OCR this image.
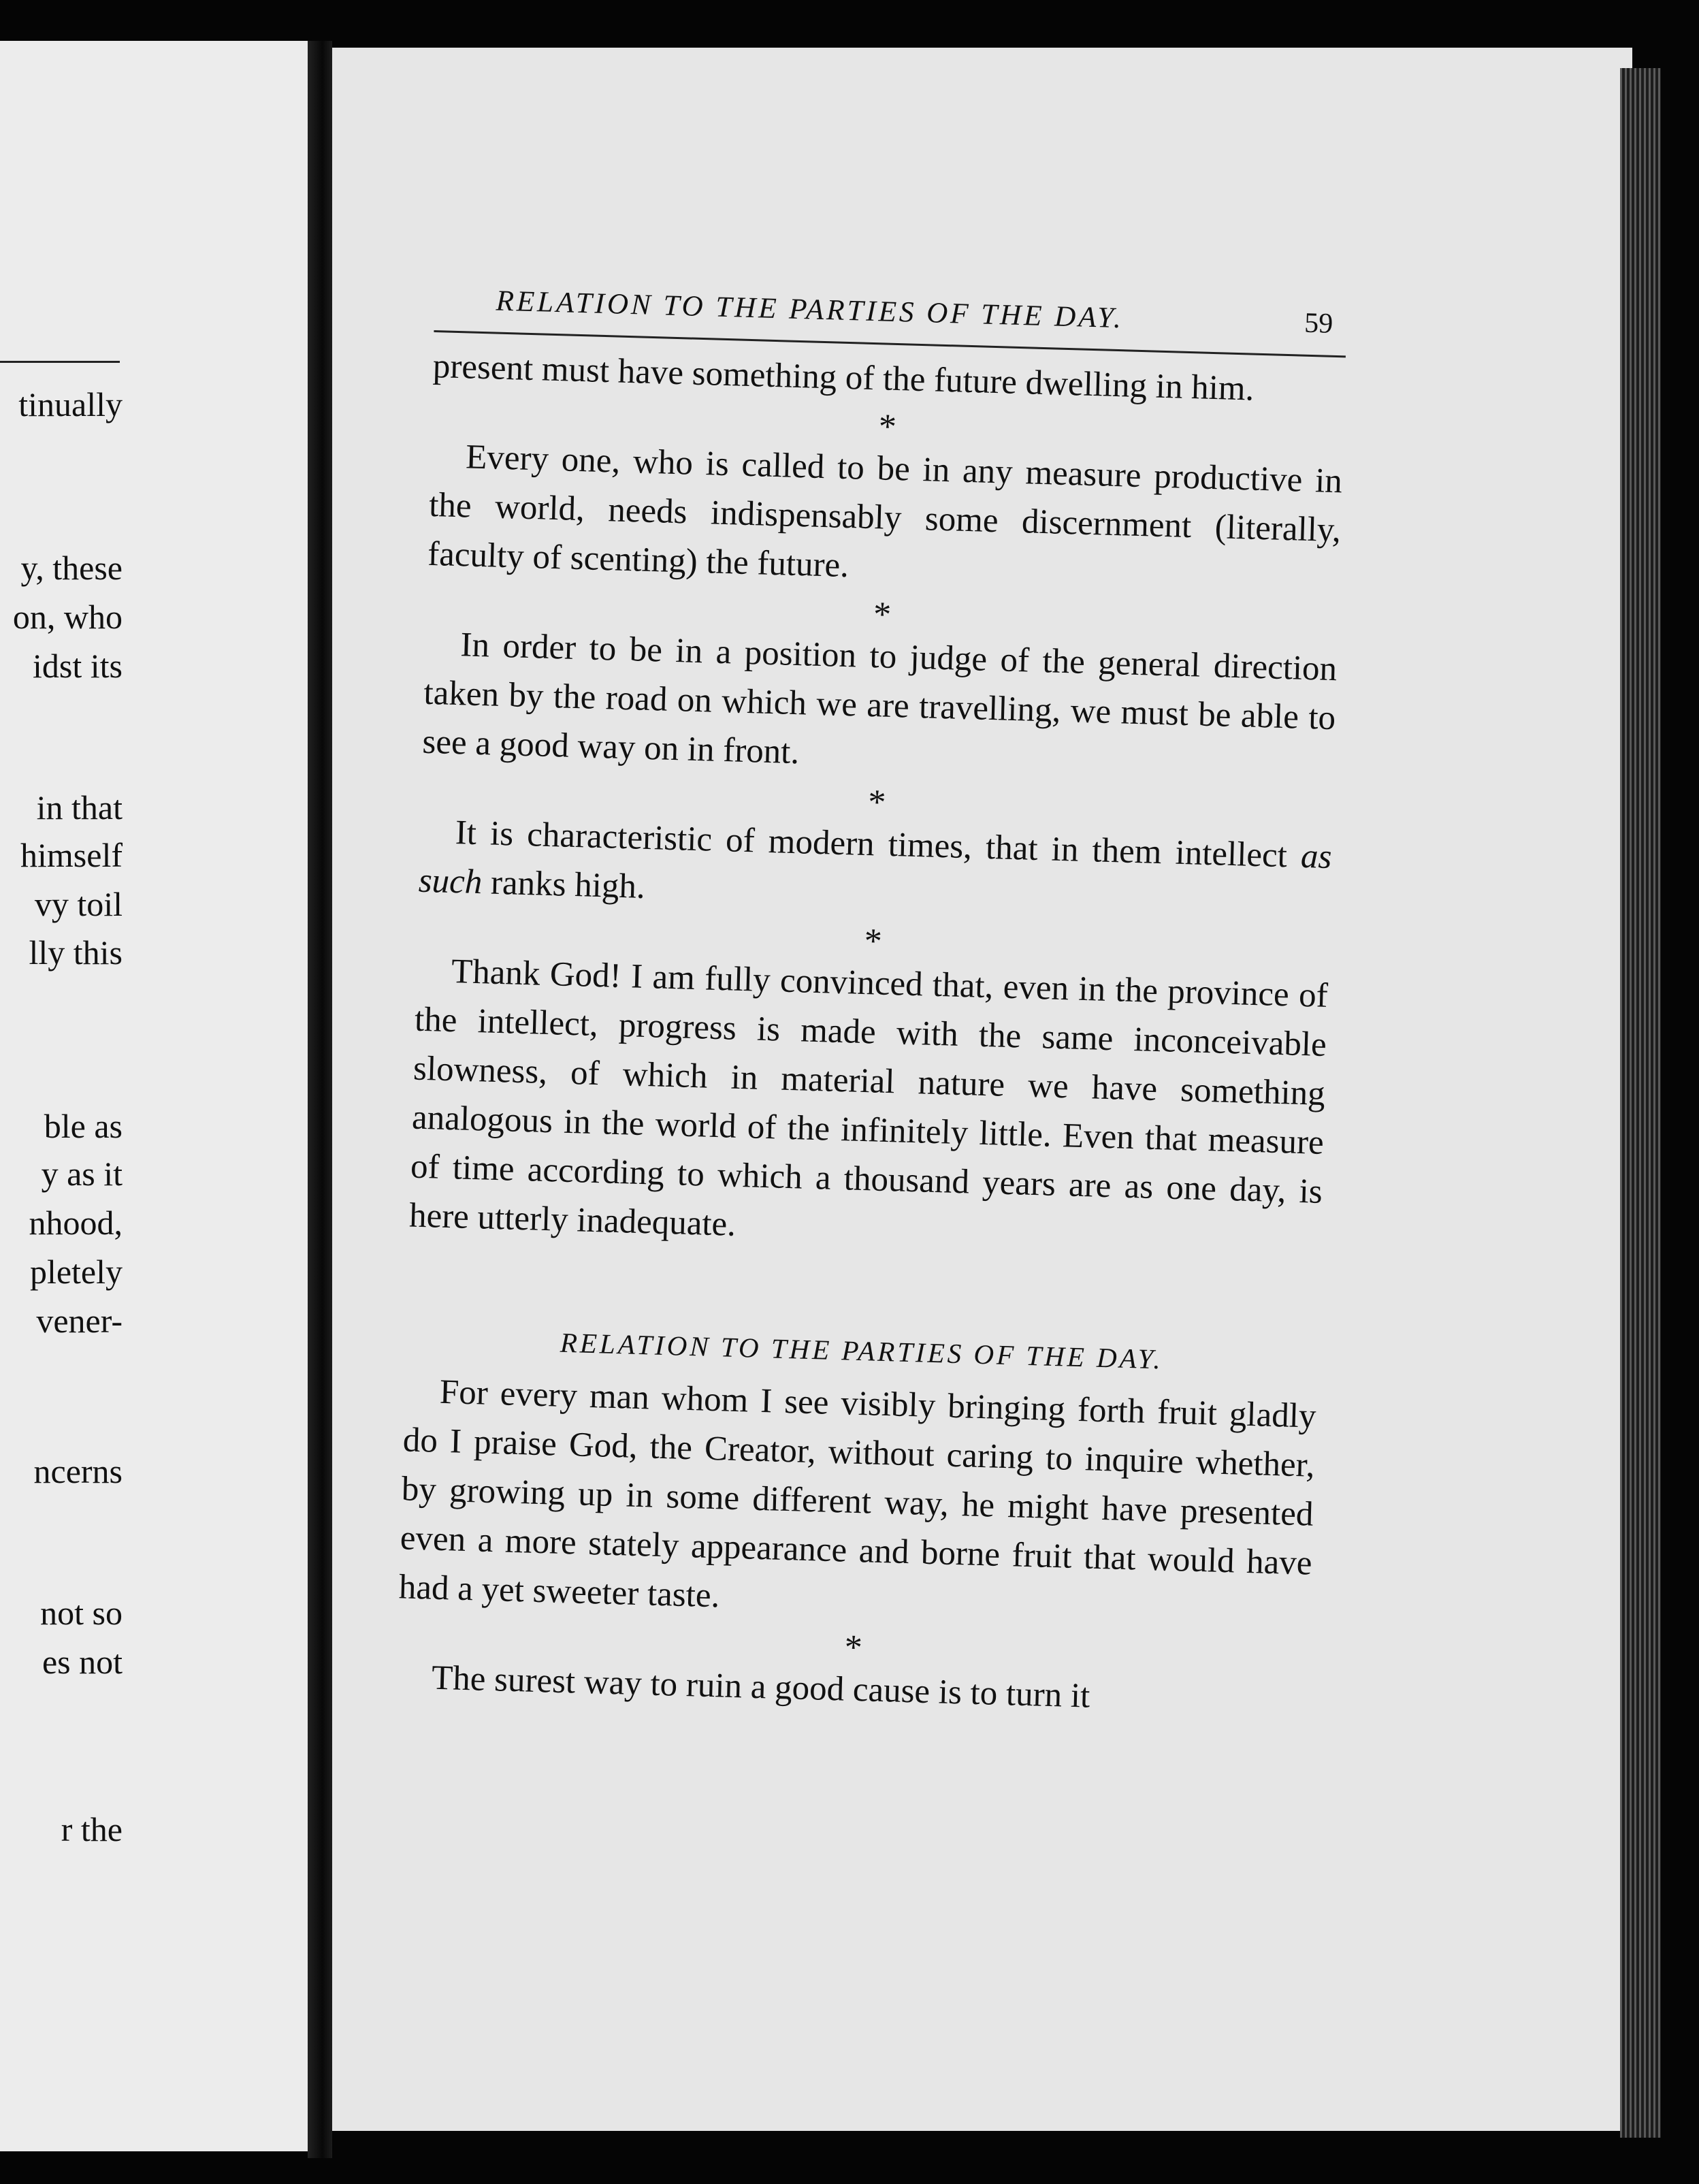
tinually
y, these
on, who
idst its
in that
himself
vy toil
lly this
ble as
y as it
nhood,
pletely
vener-
ncerns
not so
es not
r the
RELATION TO THE PARTIES OF THE DAY.	59

present must have something of the future dwelling in him.

*

Every one, who is called to be in any measure productive in the world, needs indispensably some discernment (literally, faculty of scenting) the future.

*

In order to be in a position to judge of the general direction taken by the road on which we are travelling, we must be able to see a good way on in front.

*

It is characteristic of modern times, that in them intellect as such ranks high.

*

Thank God! I am fully convinced that, even in the province of the intellect, progress is made with the same inconceivable slowness, of which in material nature we have something analogous in the world of the infinitely little. Even that measure of time according to which a thousand years are as one day, is here utterly inadequate.

RELATION TO THE PARTIES OF THE DAY.

For every man whom I see visibly bringing forth fruit gladly do I praise God, the Creator, without caring to inquire whether, by growing up in some different way, he might have presented even a more stately appearance and borne fruit that would have had a yet sweeter taste.

*

The surest way to ruin a good cause is to turn it
